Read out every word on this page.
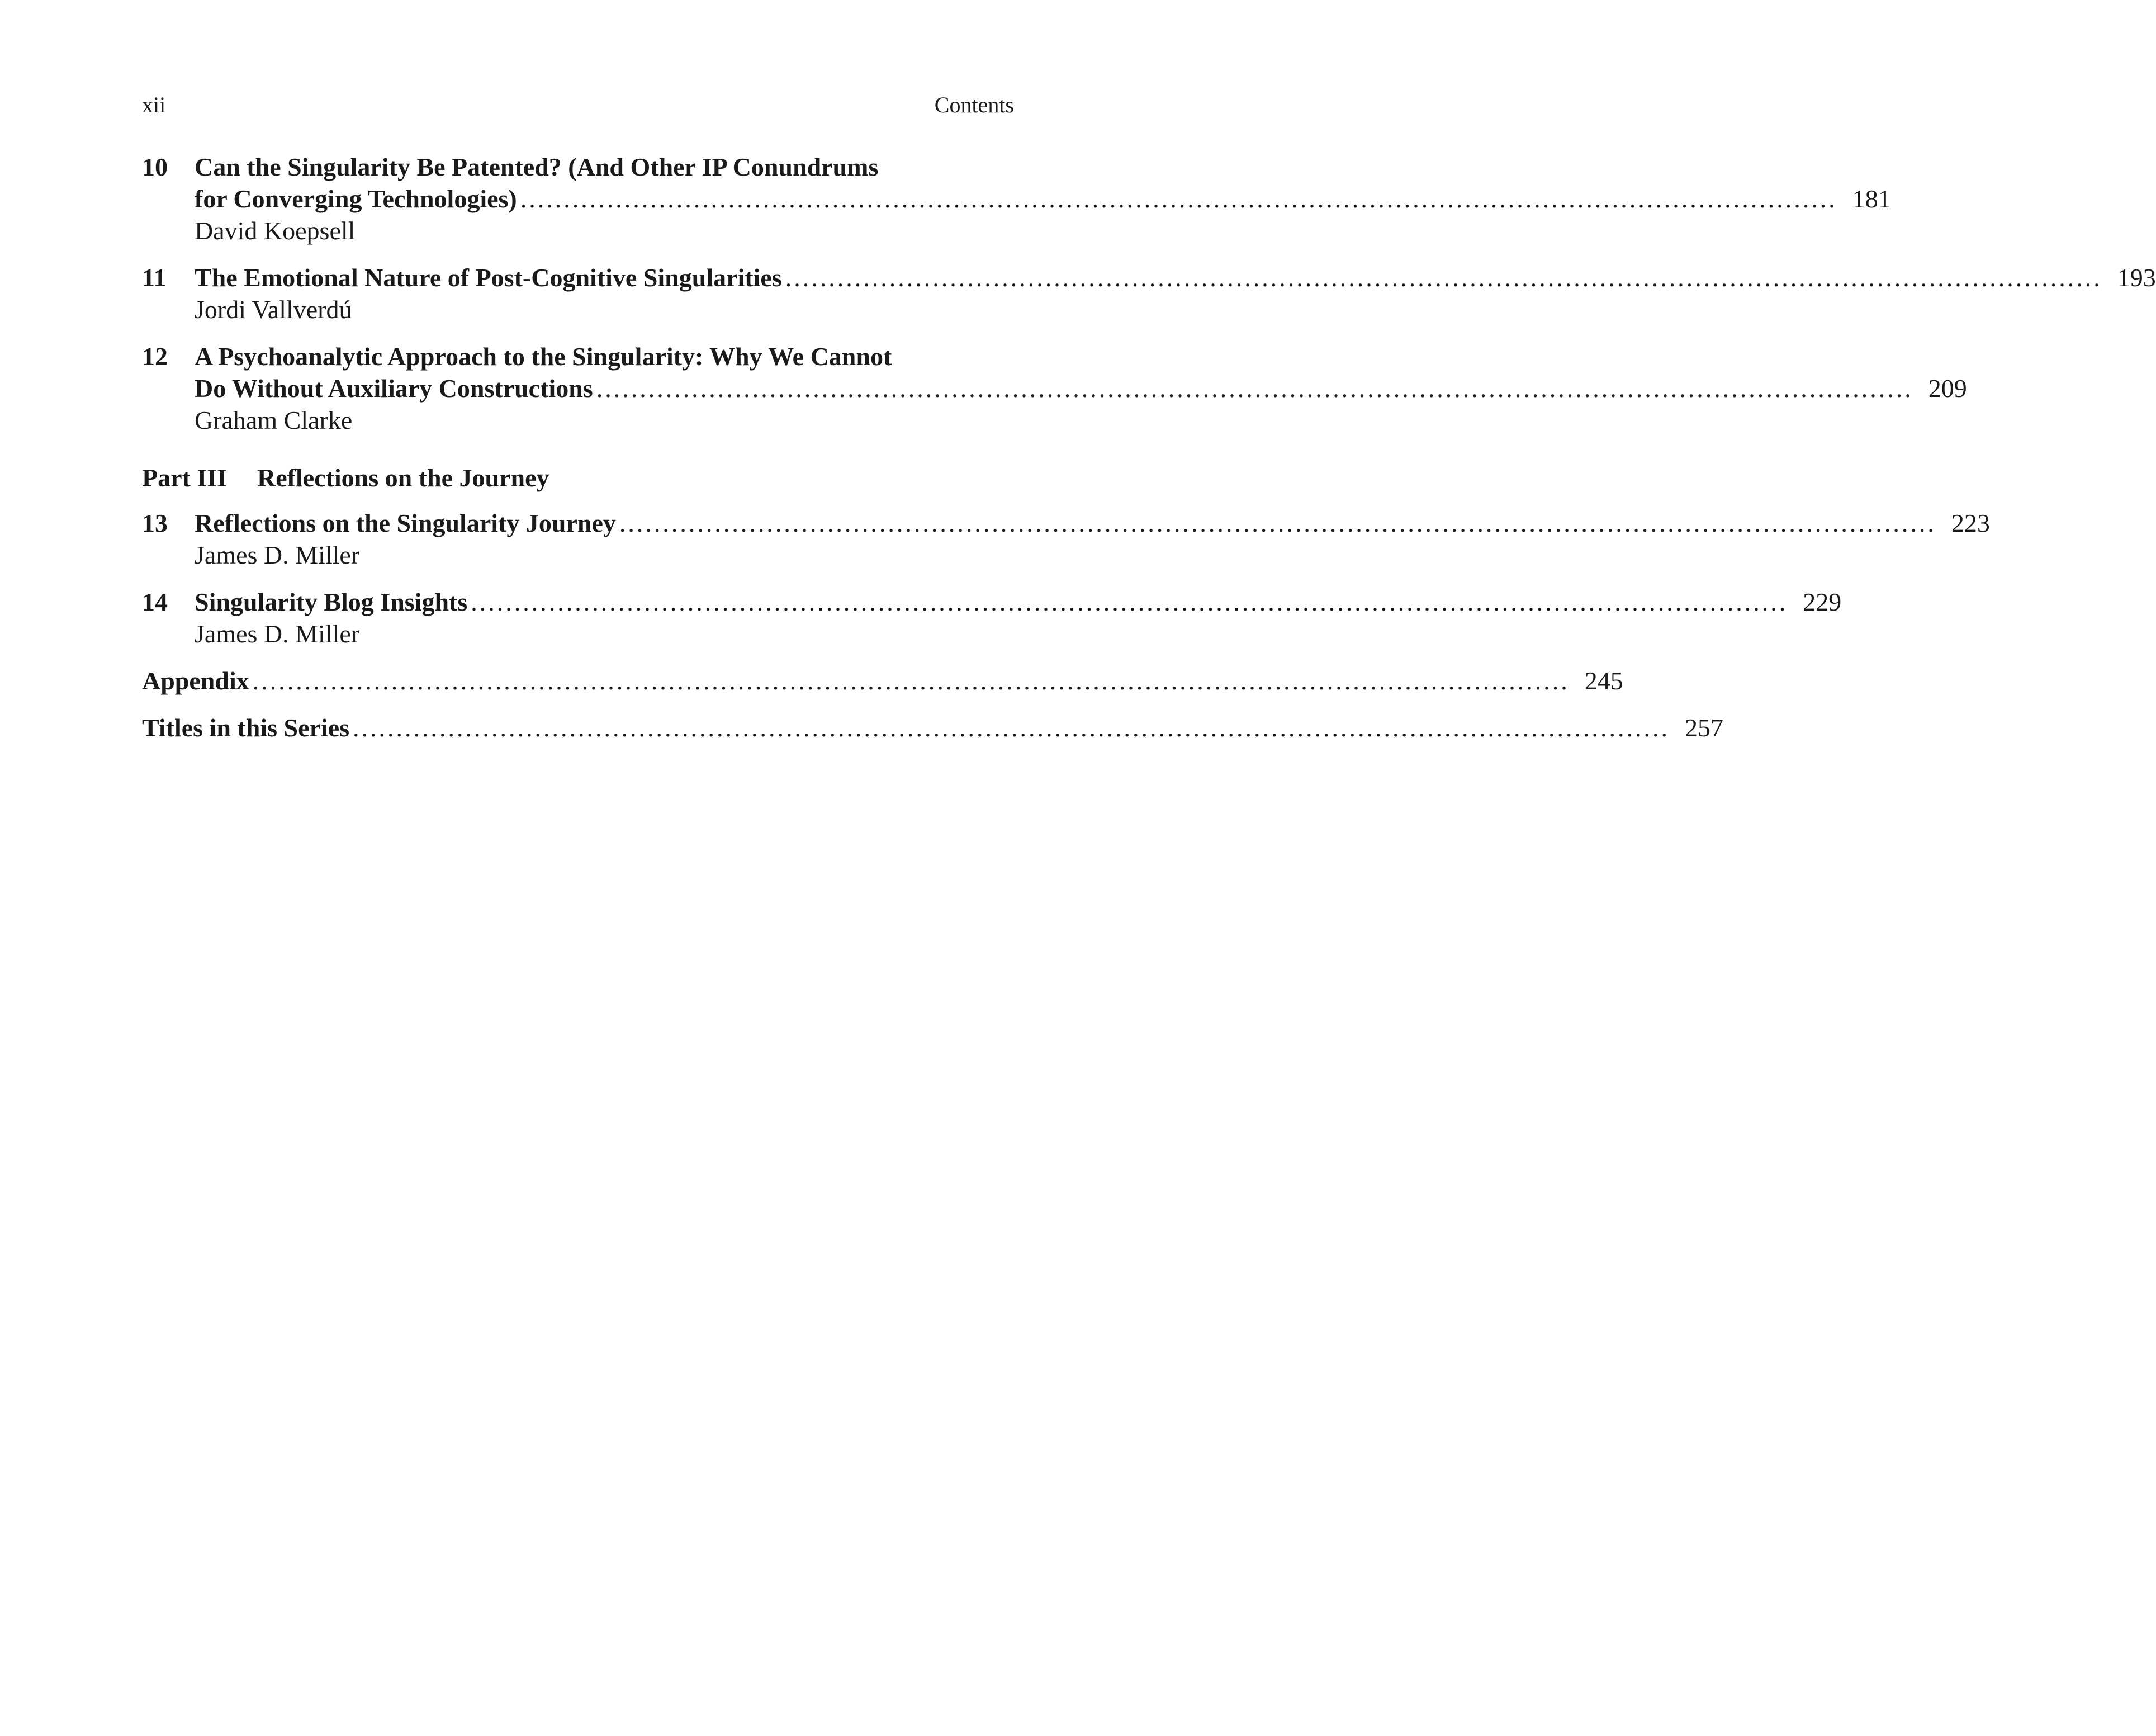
xii	Contents
10 Can the Singularity Be Patented? (And Other IP Conundrums
for Converging Technologies) ........................................................................................................................................................ 181
David Koepsell
11 The Emotional Nature of Post-Cognitive Singularities ........................................................................................................................................................ 193
Jordi Vallverdú
12 A Psychoanalytic Approach to the Singularity: Why We Cannot
Do Without Auxiliary Constructions ........................................................................................................................................................ 209
Graham Clarke
Part III Reflections on the Journey
13 Reflections on the Singularity Journey ........................................................................................................................................................ 223
James D. Miller
14 Singularity Blog Insights ........................................................................................................................................................ 229
James D. Miller
Appendix ........................................................................................................................................................ 245
Titles in this Series ........................................................................................................................................................ 257
